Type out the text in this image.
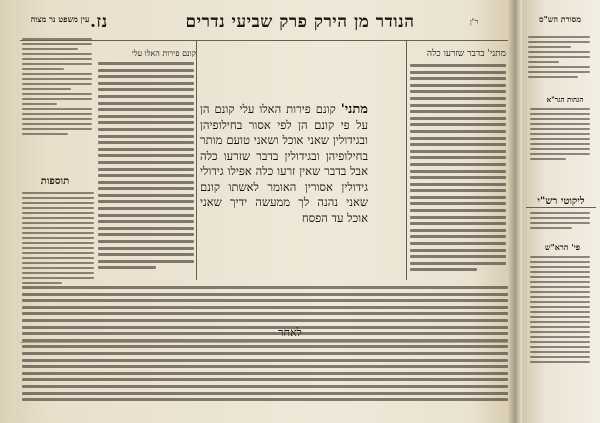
הנודר מן הירק פרק שביעי נדרים
נז.	ר"ן
עין משפט נר מצוה	מסורת הש"ס
הגהות הגר"א
תוספות
ליקוטי רש"י
פי' הרא"ש
מתני' קונם פירות האלו עלי קונם הן על פי קונם הן לפי אסור בחילופיהן ובגידולין שאני אוכל ושאני טועם מותר בחילופיהן ובגידולין בדבר שזרעו כלה אבל בדבר שאין זרעו כלה אפילו גידולי גידולין אסורין האומר לאשתו קונם שאני נהנה לך ממעשה ידיך שאני אוכל עד הפסח
מתני' בדבר שזרעו כלה
קונם פירות האלו עלי
